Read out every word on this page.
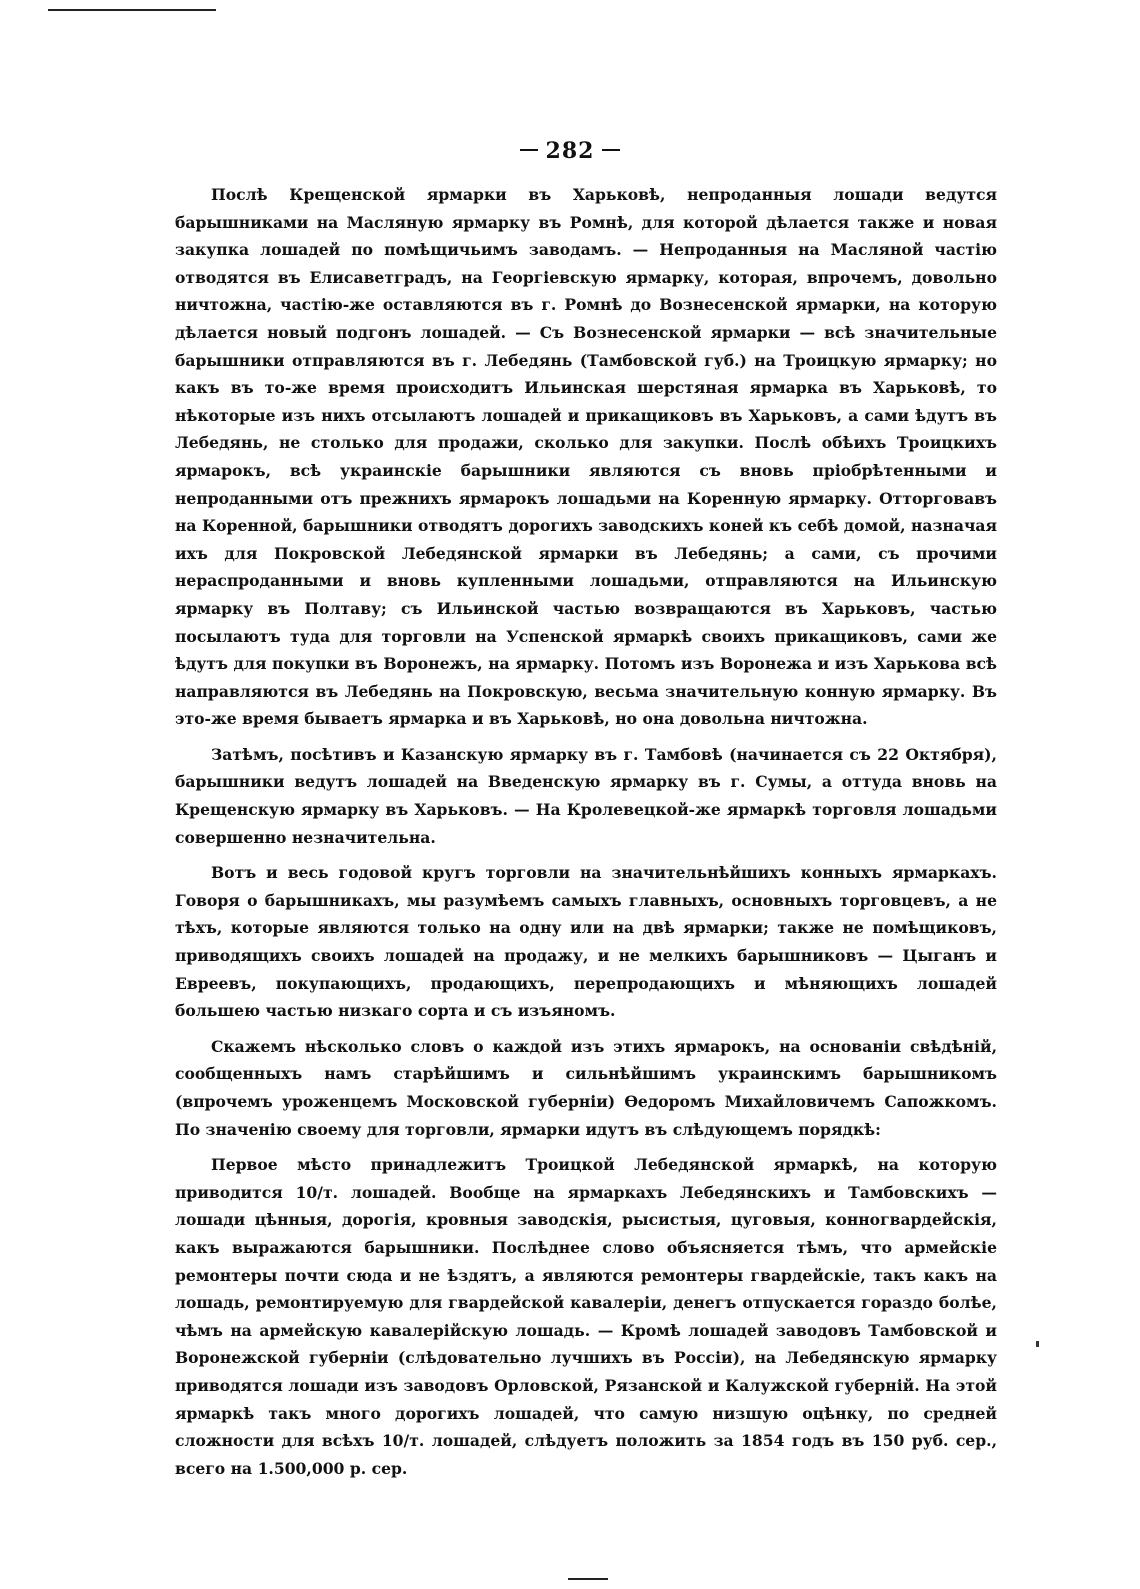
282

Послѣ Крещенской ярмарки въ Харьковѣ, непроданныя лошади ведутся барышниками на Масляную ярмарку въ Ромнѣ, для которой дѣлается также и новая закупка лошадей по помѣщичьимъ заводамъ. — Непроданныя на Масляной частію отводятся въ Елисаветградъ, на Георгіевскую ярмарку, которая, впрочемъ, довольно ничтожна, частію-же оставляются въ г. Ромнѣ до Вознесенской ярмарки, на которую дѣлается новый подгонъ лошадей. — Съ Вознесенской ярмарки — всѣ значительные барышники отправляются въ г. Лебедянь (Тамбовской губ.) на Троицкую ярмарку; но какъ въ то-же время происходитъ Ильинская шерстяная ярмарка въ Харьковѣ, то нѣкоторые изъ нихъ отсылаютъ лошадей и прикащиковъ въ Харьковъ, а сами ѣдутъ въ Лебедянь, не столько для продажи, сколько для закупки. Послѣ обѣихъ Троицкихъ ярмарокъ, всѣ украинскіе барышники являются съ вновь пріобрѣтенными и непроданными отъ прежнихъ ярмарокъ лошадьми на Коренную ярмарку. Отторговавъ на Коренной, барышники отводятъ дорогихъ заводскихъ коней къ себѣ домой, назначая ихъ для Покровской Лебедянской ярмарки въ Лебедянь; а сами, съ прочими нераспроданными и вновь купленными лошадьми, отправляются на Ильинскую ярмарку въ Полтаву; съ Ильинской частью возвращаются въ Харьковъ, частью посылаютъ туда для торговли на Успенской ярмаркѣ своихъ прикащиковъ, сами же ѣдутъ для покупки въ Воронежъ, на ярмарку. Потомъ изъ Воронежа и изъ Харькова всѣ направляются въ Лебедянь на Покровскую, весьма значительную конную ярмарку. Въ это-же время бываетъ ярмарка и въ Харьковѣ, но она довольна ничтожна.

Затѣмъ, посѣтивъ и Казанскую ярмарку въ г. Тамбовѣ (начинается съ 22 Октября), барышники ведутъ лошадей на Введенскую ярмарку въ г. Сумы, а оттуда вновь на Крещенскую ярмарку въ Харьковъ. — На Кролевецкой-же ярмаркѣ торговля лошадьми совершенно незначительна.

Вотъ и весь годовой кругъ торговли на значительнѣйшихъ конныхъ ярмаркахъ. Говоря о барышникахъ, мы разумѣемъ самыхъ главныхъ, основныхъ торговцевъ, а не тѣхъ, которые являются только на одну или на двѣ ярмарки; также не помѣщиковъ, приводящихъ своихъ лошадей на продажу, и не мелкихъ барышниковъ — Цыганъ и Евреевъ, покупающихъ, продающихъ, перепродающихъ и мѣняющихъ лошадей большею частью низкаго сорта и съ изъяномъ.

Скажемъ нѣсколько словъ о каждой изъ этихъ ярмарокъ, на основаніи свѣдѣній, сообщенныхъ намъ старѣйшимъ и сильнѣйшимъ украинскимъ барышникомъ (впрочемъ уроженцемъ Московской губерніи) Ѳедоромъ Михайловичемъ Сапожкомъ. По значенію своему для торговли, ярмарки идутъ въ слѣдующемъ порядкѣ:

Первое мѣсто принадлежитъ Троицкой Лебедянской ярмаркѣ, на которую приводится 10/т. лошадей. Вообще на ярмаркахъ Лебедянскихъ и Тамбовскихъ — лошади цѣнныя, дорогія, кровныя заводскія, рысистыя, цуговыя, конногвардейскія, какъ выражаются барышники. Послѣднее слово объясняется тѣмъ, что армейскіе ремонтеры почти сюда и не ѣздятъ, а являются ремонтеры гвардейскіе, такъ какъ на лошадь, ремонтируемую для гвардейской кавалеріи, денегъ отпускается гораздо болѣе, чѣмъ на армейскую кавалерійскую лошадь. — Кромѣ лошадей заводовъ Тамбовской и Воронежской губерніи (слѣдовательно лучшихъ въ Россіи), на Лебедянскую ярмарку приводятся лошади изъ заводовъ Орловской, Рязанской и Калужской губерній. На этой ярмаркѣ такъ много дорогихъ лошадей, что самую низшую оцѣнку, по средней сложности для всѣхъ 10/т. лошадей, слѣдуетъ положить за 1854 годъ въ 150 руб. сер., всего на 1.500,000 р. сер.
